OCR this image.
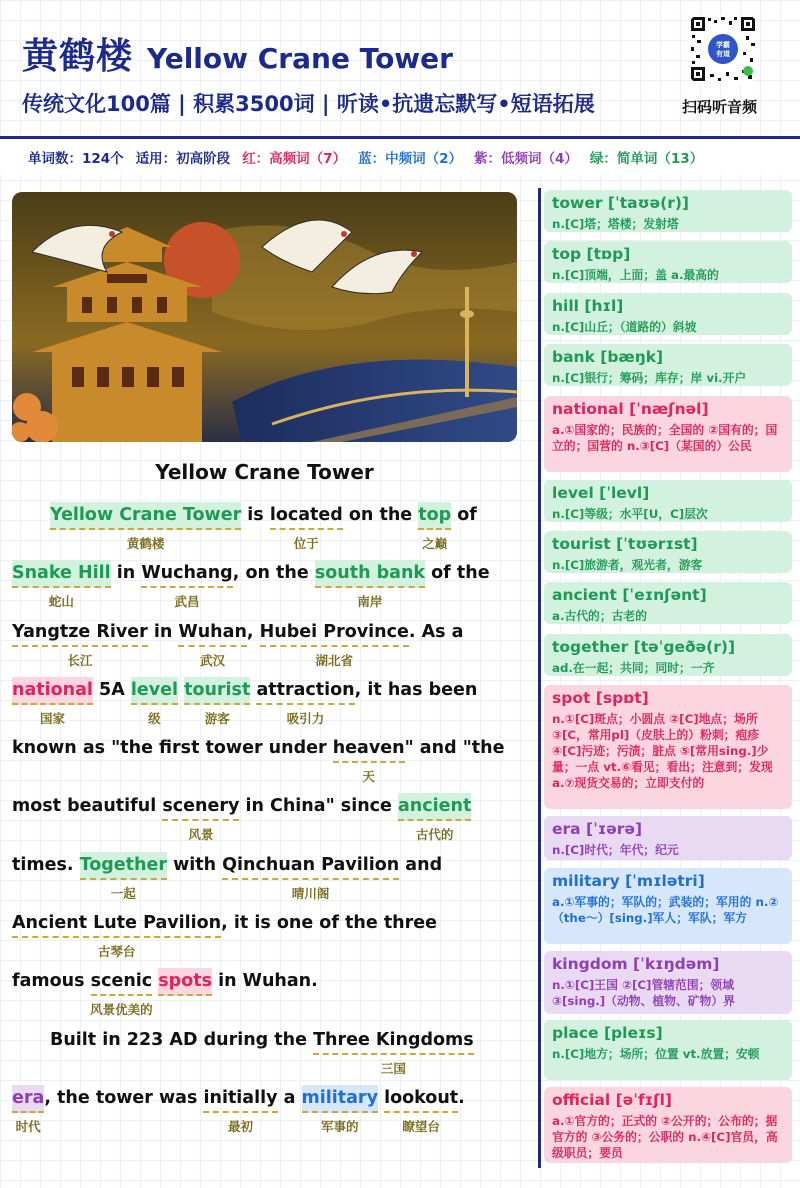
黄鹤楼 Yellow Crane Tower
传统文化100篇 | 积累3500词 | 听读•抗遗忘默写•短语拓展
学霸
有道
扫码听音频
单词数：124个 适用：初高阶段 红：高频词（7） 蓝：中频词（2） 紫：低频词（4） 绿：简单词（13）
Yellow Crane Tower
Yellow Crane Tower
黄鹤楼
is located
位于
on the top
之巅
of
Snake Hill
蛇山
in Wuchang
武昌
, on the south bank
南岸
of the
Yangtze River
长江
in Wuhan
武汉
, Hubei Province
湖北省
. As a
national
国家
5A level
级
tourist
游客
attraction
吸引力
, it has been
known as "the first tower under heaven
天
" and "the
most beautiful scenery
风景
in China" since ancient
古代的
times. Together
一起
with Qinchuan Pavilion
晴川阁
and
Ancient Lute Pavilion
古琴台
, it is one of the three
famous scenic
风景优美的
spots in Wuhan.
Built in 223 AD during the Three Kingdoms
三国
era
时代
, the tower was initially
最初
a military
军事的
lookout
瞭望台
.
tower [ˈtaʊə(r)]
n.[C]塔；塔楼；发射塔
top [tɒp]
n.[C]顶端，上面；盖 a.最高的
hill [hɪl]
n.[C]山丘；（道路的）斜坡
bank [bæŋk]
n.[C]银行；筹码；库存；岸 vi.开户
national [ˈnæʃnəl]
a.①国家的；民族的；全国的 ②国有的；国立的；国营的 n.③[C]（某国的）公民
level [ˈlevl]
n.[C]等级；水平[U，C]层次
tourist [ˈtʊərɪst]
n.[C]旅游者，观光者，游客
ancient [ˈeɪnʃənt]
a.古代的；古老的
together [təˈgeðə(r)]
ad.在一起；共同；同时；一齐
spot [spɒt]
n.①[C]斑点；小圆点 ②[C]地点；场所 ③[C，常用pl]（皮肤上的）粉刺；疱疹 ④[C]污迹；污渍；脏点 ⑤[常用sing.]少量；一点 vt.⑥看见；看出；注意到；发现 a.⑦现货交易的；立即支付的
era [ˈɪərə]
n.[C]时代；年代；纪元
military [ˈmɪlətri]
a.①军事的；军队的；武装的；军用的 n.②（the～）[sing.]军人；军队；军方
kingdom [ˈkɪŋdəm]
n.①[C]王国 ②[C]管辖范围；领域 ③[sing.]（动物、植物、矿物）界
place [pleɪs]
n.[C]地方；场所；位置 vt.放置；安顿
official [əˈfɪʃl]
a.①官方的；正式的 ②公开的；公布的；据官方的 ③公务的；公职的 n.④[C]官员，高级职员；要员
